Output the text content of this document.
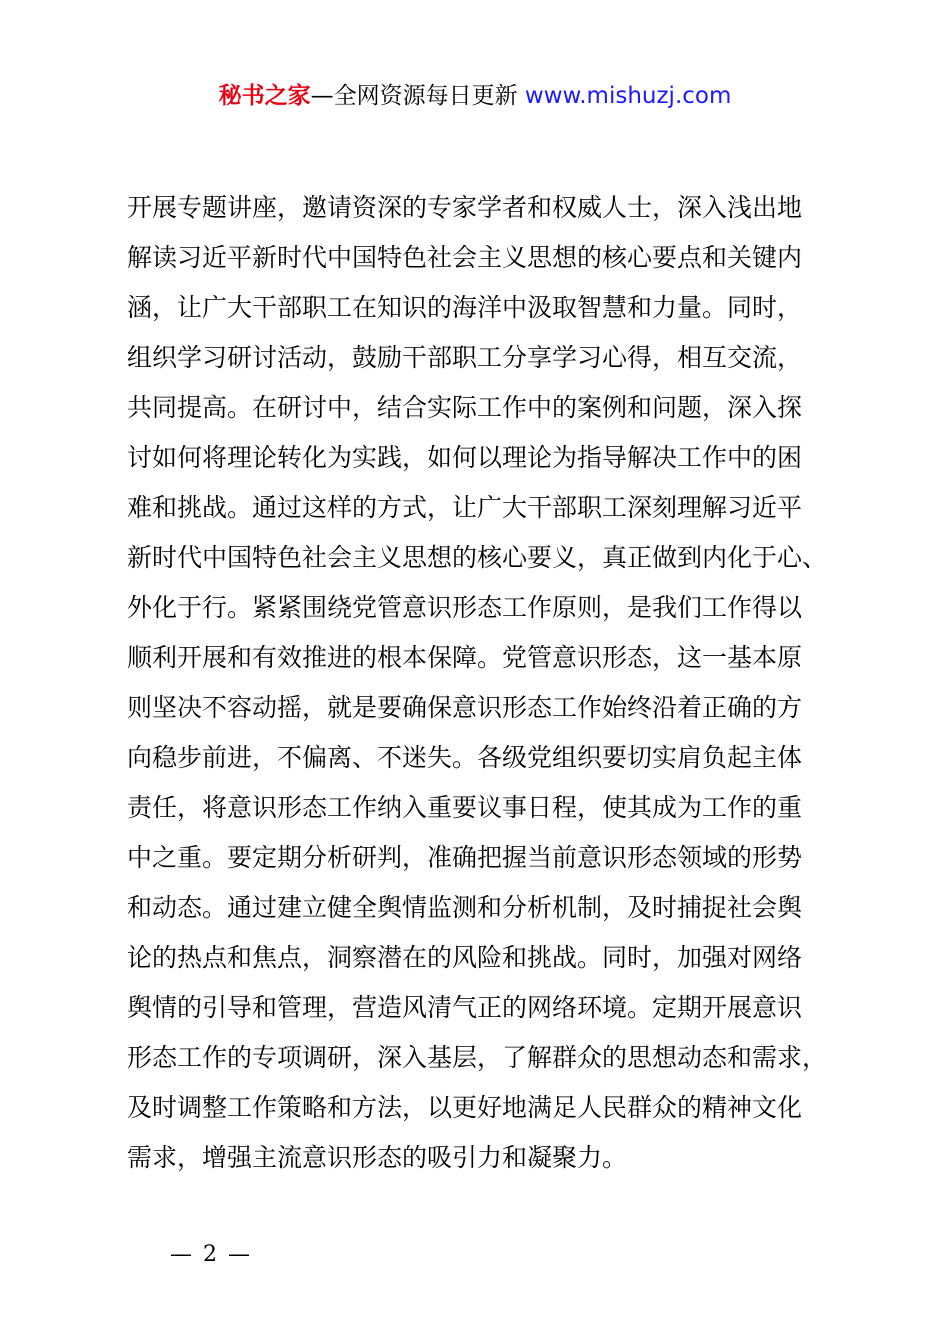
秘书之家—全网资源每日更新 www.mishuzj.com
开展专题讲座，邀请资深的专家学者和权威人士，深入浅出地
解读习近平新时代中国特色社会主义思想的核心要点和关键内
涵，让广大干部职工在知识的海洋中汲取智慧和力量。同时，
组织学习研讨活动，鼓励干部职工分享学习心得，相互交流，
共同提高。在研讨中，结合实际工作中的案例和问题，深入探
讨如何将理论转化为实践，如何以理论为指导解决工作中的困
难和挑战。通过这样的方式，让广大干部职工深刻理解习近平
新时代中国特色社会主义思想的核心要义，真正做到内化于心、
外化于行。紧紧围绕党管意识形态工作原则，是我们工作得以
顺利开展和有效推进的根本保障。党管意识形态，这一基本原
则坚决不容动摇，就是要确保意识形态工作始终沿着正确的方
向稳步前进，不偏离、不迷失。各级党组织要切实肩负起主体
责任，将意识形态工作纳入重要议事日程，使其成为工作的重
中之重。要定期分析研判，准确把握当前意识形态领域的形势
和动态。通过建立健全舆情监测和分析机制，及时捕捉社会舆
论的热点和焦点，洞察潜在的风险和挑战。同时，加强对网络
舆情的引导和管理，营造风清气正的网络环境。定期开展意识
形态工作的专项调研，深入基层，了解群众的思想动态和需求，
及时调整工作策略和方法，以更好地满足人民群众的精神文化
需求，增强主流意识形态的吸引力和凝聚力。
— 2 —
